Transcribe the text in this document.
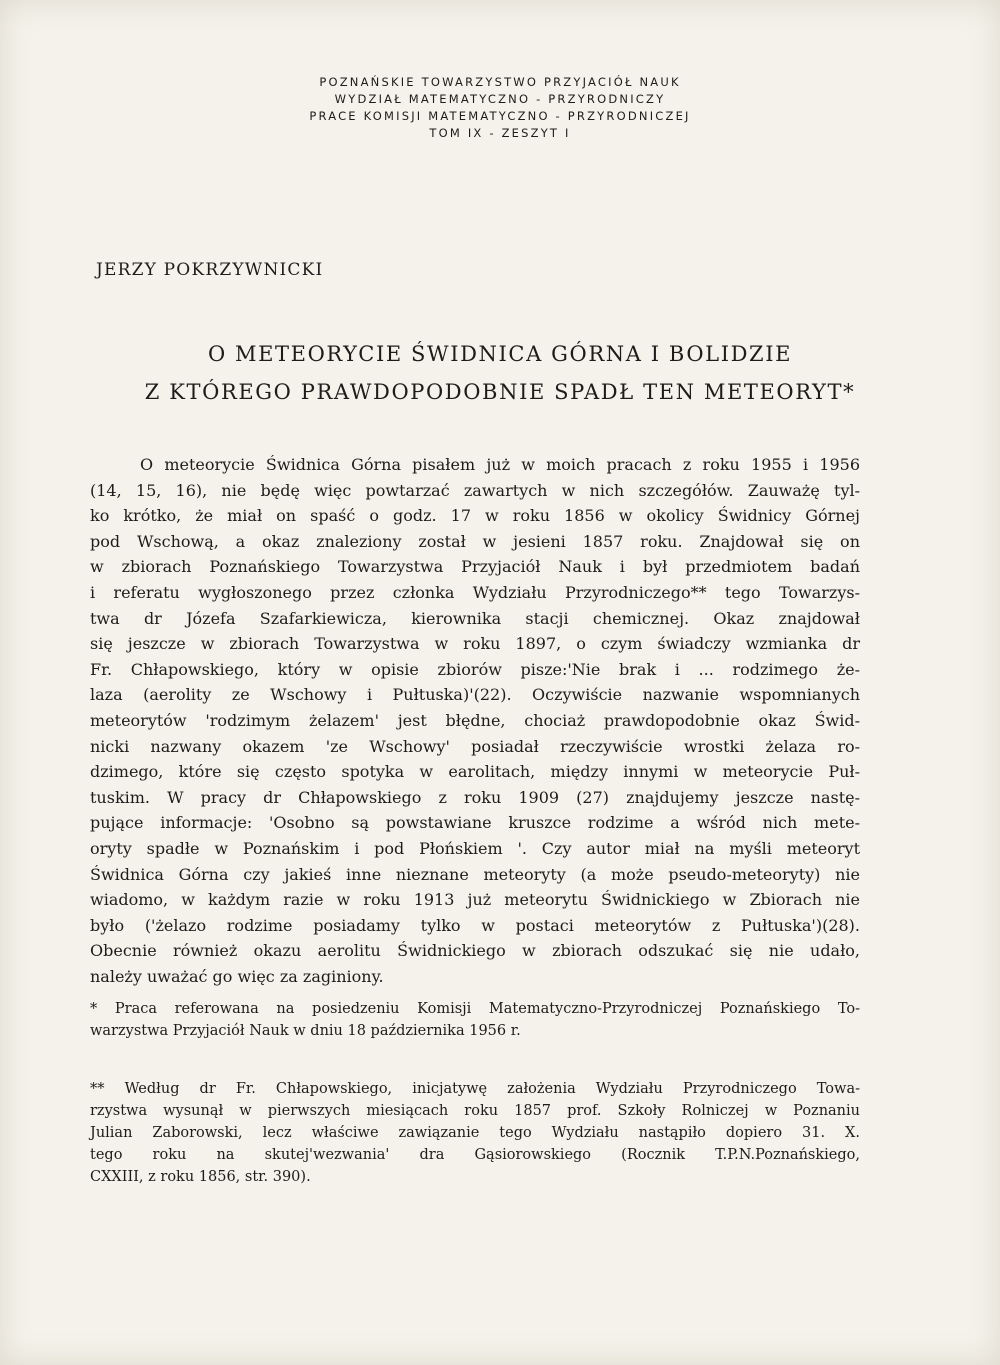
POZNAŃSKIE TOWARZYSTWO PRZYJACIÓŁ NAUK
WYDZIAŁ MATEMATYCZNO - PRZYRODNICZY
PRACE KOMISJI MATEMATYCZNO - PRZYRODNICZEJ
TOM IX - ZESZYT I
JERZY POKRZYWNICKI
O METEORYCIE ŚWIDNICA GÓRNA I BOLIDZIE
Z KTÓREGO PRAWDOPODOBNIE SPADŁ TEN METEORYT*
O meteorycie Świdnica Górna pisałem już w moich pracach z roku 1955 i 1956
(14, 15, 16), nie będę więc powtarzać zawartych w nich szczegółów. Zauważę tyl-
ko krótko, że miał on spaść o godz. 17 w roku 1856 w okolicy Świdnicy Górnej
pod Wschową, a okaz znaleziony został w jesieni 1857 roku. Znajdował się on
w zbiorach Poznańskiego Towarzystwa Przyjaciół Nauk i był przedmiotem badań
i referatu wygłoszonego przez członka Wydziału Przyrodniczego** tego Towarzys-
twa dr Józefa Szafarkiewicza, kierownika stacji chemicznej. Okaz znajdował
się jeszcze w zbiorach Towarzystwa w roku 1897, o czym świadczy wzmianka dr
Fr. Chłapowskiego, który w opisie zbiorów pisze:'Nie brak i ... rodzimego że-
laza (aerolity ze Wschowy i Pułtuska)'(22). Oczywiście nazwanie wspomnianych
meteorytów 'rodzimym żelazem' jest błędne, chociaż prawdopodobnie okaz Świd-
nicki nazwany okazem 'ze Wschowy' posiadał rzeczywiście wrostki żelaza ro-
dzimego, które się często spotyka w earolitach, między innymi w meteorycie Puł-
tuskim. W pracy dr Chłapowskiego z roku 1909 (27) znajdujemy jeszcze nastę-
pujące informacje: 'Osobno są powstawiane kruszce rodzime a wśród nich mete-
oryty spadłe w Poznańskim i pod Płońskiem '. Czy autor miał na myśli meteoryt
Świdnica Górna czy jakieś inne nieznane meteoryty (a może pseudo-meteoryty) nie
wiadomo, w każdym razie w roku 1913 już meteorytu Świdnickiego w Zbiorach nie
było ('żelazo rodzime posiadamy tylko w postaci meteorytów z Pułtuska')(28).
Obecnie również okazu aerolitu Świdnickiego w zbiorach odszukać się nie udało,
należy uważać go więc za zaginiony.
* Praca referowana na posiedzeniu Komisji Matematyczno-Przyrodniczej Poznańskiego To-
warzystwa Przyjaciół Nauk w dniu 18 października 1956 r.
** Według dr Fr. Chłapowskiego, inicjatywę założenia Wydziału Przyrodniczego Towa-
rzystwa wysunął w pierwszych miesiącach roku 1857 prof. Szkoły Rolniczej w Poznaniu
Julian Zaborowski, lecz właściwe zawiązanie tego Wydziału nastąpiło dopiero 31. X.
tego roku na skutej'wezwania' dra Gąsiorowskiego (Rocznik T.P.N.Poznańskiego,
CXXIII, z roku 1856, str. 390).
